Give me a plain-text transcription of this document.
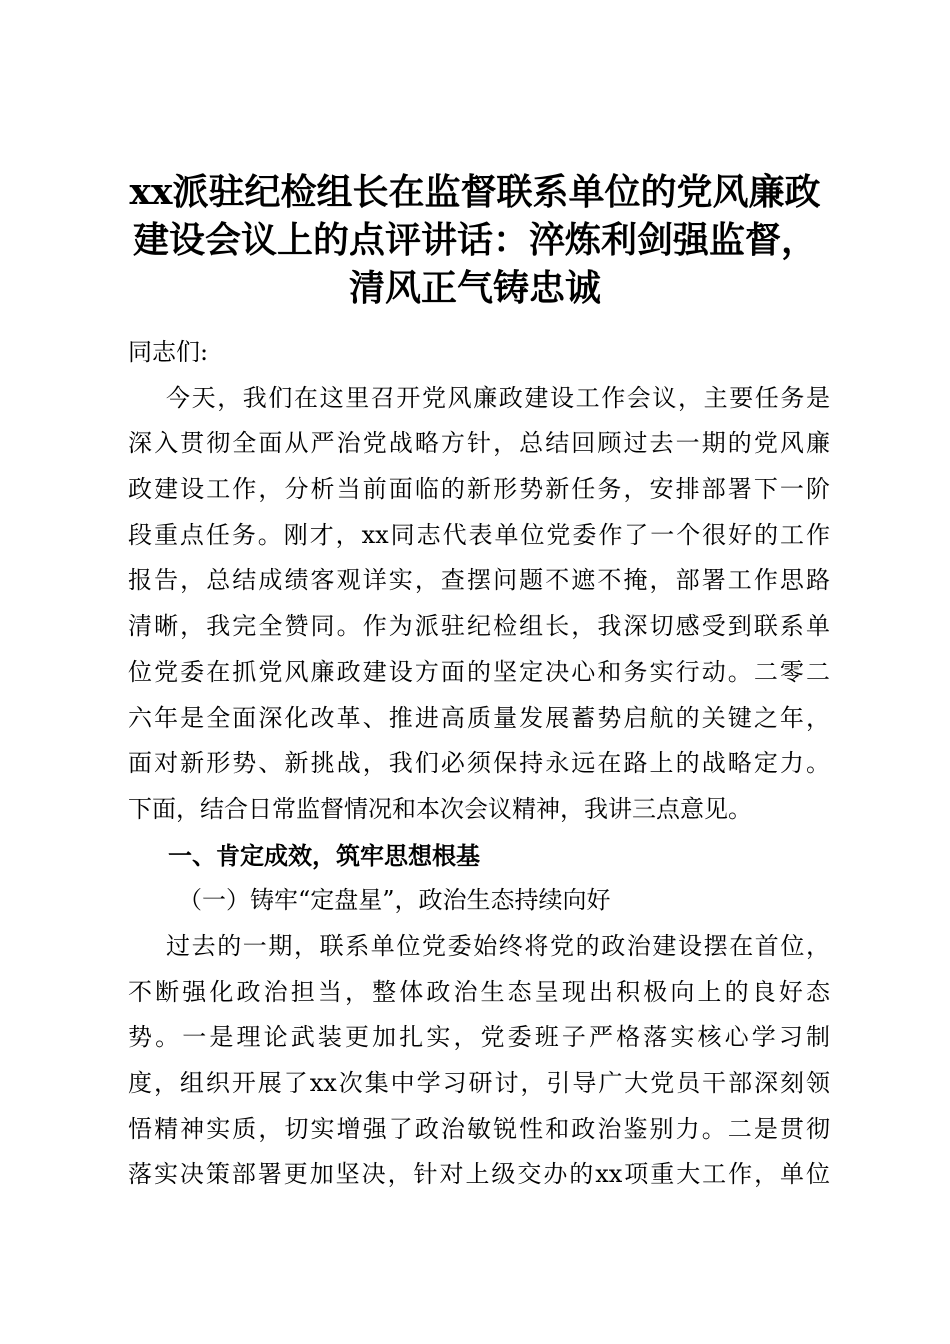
xx派驻纪检组长在监督联系单位的党风廉政
建设会议上的点评讲话：淬炼利剑强监督，
清风正气铸忠诚
同志们:
今天，我们在这里召开党风廉政建设工作会议，主要任务是
深入贯彻全面从严治党战略方针，总结回顾过去一期的党风廉
政建设工作，分析当前面临的新形势新任务，安排部署下一阶
段重点任务。刚才，xx同志代表单位党委作了一个很好的工作
报告，总结成绩客观详实，查摆问题不遮不掩，部署工作思路
清晰，我完全赞同。作为派驻纪检组长，我深切感受到联系单
位党委在抓党风廉政建设方面的坚定决心和务实行动。二零二
六年是全面深化改革、推进高质量发展蓄势启航的关键之年，
面对新形势、新挑战，我们必须保持永远在路上的战略定力。
下面，结合日常监督情况和本次会议精神，我讲三点意见。
一、肯定成效，筑牢思想根基
（一）铸牢“定盘星”，政治生态持续向好
过去的一期，联系单位党委始终将党的政治建设摆在首位，
不断强化政治担当，整体政治生态呈现出积极向上的良好态
势。一是理论武装更加扎实，党委班子严格落实核心学习制
度，组织开展了xx次集中学习研讨，引导广大党员干部深刻领
悟精神实质，切实增强了政治敏锐性和政治鉴别力。二是贯彻
落实决策部署更加坚决，针对上级交办的xx项重大工作，单位
